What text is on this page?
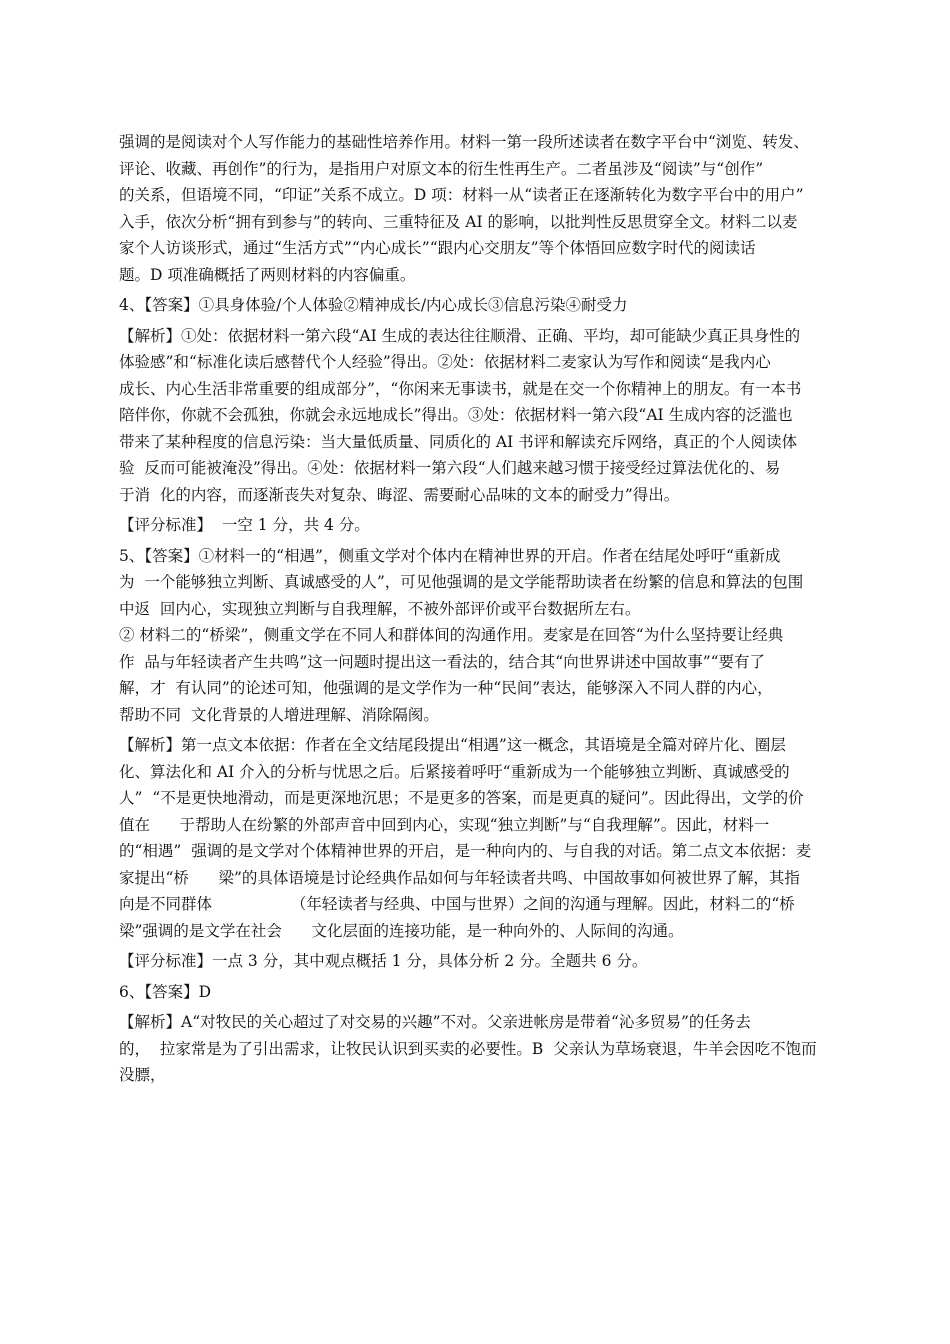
强调的是阅读对个人写作能力的基础性培养作用。材料一第一段所述读者在数字平台中“浏览、转发、
评论、收藏、再创作”的行为，是指用户对原文本的衍生性再生产。二者虽涉及“阅读”与“创作”
的关系，但语境不同，“印证”关系不成立。D 项：材料一从“读者正在逐渐转化为数字平台中的用户”
入手，依次分析“拥有到参与”的转向、三重特征及 AI 的影响，以批判性反思贯穿全文。材料二以麦
家个人访谈形式，通过“生活方式”“内心成长”“跟内心交朋友”等个体悟回应数字时代的阅读话
题。D 项准确概括了两则材料的内容偏重。
4、【答案】①具身体验/个人体验②精神成长/内心成长③信息污染④耐受力
【解析】①处：依据材料一第六段“AI 生成的表达往往顺滑、正确、平均，却可能缺少真正具身性的
体验感”和“标准化读后感替代个人经验”得出。②处：依据材料二麦家认为写作和阅读“是我内心
成长、内心生活非常重要的组成部分”，“你闲来无事读书，就是在交一个你精神上的朋友。有一本书
陪伴你，你就不会孤独，你就会永远地成长”得出。③处：依据材料一第六段“AI 生成内容的泛滥也
带来了某种程度的信息污染：当大量低质量、同质化的 AI 书评和解读充斥网络，真正的个人阅读体
验  反而可能被淹没”得出。④处：依据材料一第六段“人们越来越习惯于接受经过算法优化的、易
于消  化的内容，而逐渐丧失对复杂、晦涩、需要耐心品味的文本的耐受力”得出。
【评分标准】  一空 1 分，共 4 分。
5、【答案】①材料一的“相遇”，侧重文学对个体内在精神世界的开启。作者在结尾处呼吁“重新成
为  一个能够独立判断、真诚感受的人”，可见他强调的是文学能帮助读者在纷繁的信息和算法的包围
中返  回内心，实现独立判断与自我理解，不被外部评价或平台数据所左右。
② 材料二的“桥梁”，侧重文学在不同人和群体间的沟通作用。麦家是在回答“为什么坚持要让经典
作  品与年轻读者产生共鸣”这一问题时提出这一看法的，结合其“向世界讲述中国故事”“要有了
解，才  有认同”的论述可知，他强调的是文学作为一种“民间”表达，能够深入不同人群的内心，
帮助不同  文化背景的人增进理解、消除隔阂。
【解析】第一点文本依据：作者在全文结尾段提出“相遇”这一概念，其语境是全篇对碎片化、圈层
化、算法化和 AI 介入的分析与忧思之后。后紧接着呼吁“重新成为一个能够独立判断、真诚感受的
人”  “不是更快地滑动，而是更深地沉思；不是更多的答案，而是更真的疑问”。因此得出，文学的价
值在      于帮助人在纷繁的外部声音中回到内心，实现“独立判断”与“自我理解”。因此，材料一
的“相遇”  强调的是文学对个体精神世界的开启，是一种向内的、与自我的对话。第二点文本依据：麦
家提出“桥      梁”的具体语境是讨论经典作品如何与年轻读者共鸣、中国故事如何被世界了解，其指
向是不同群体                （年轻读者与经典、中国与世界）之间的沟通与理解。因此，材料二的“桥
梁”强调的是文学在社会      文化层面的连接功能，是一种向外的、人际间的沟通。
【评分标准】一点 3 分，其中观点概括 1 分，具体分析 2 分。全题共 6 分。
6、【答案】D
【解析】A“对牧民的关心超过了对交易的兴趣”不对。父亲进帐房是带着“沁多贸易”的任务去
的，  拉家常是为了引出需求，让牧民认识到买卖的必要性。B  父亲认为草场衰退，牛羊会因吃不饱而
没膘，
